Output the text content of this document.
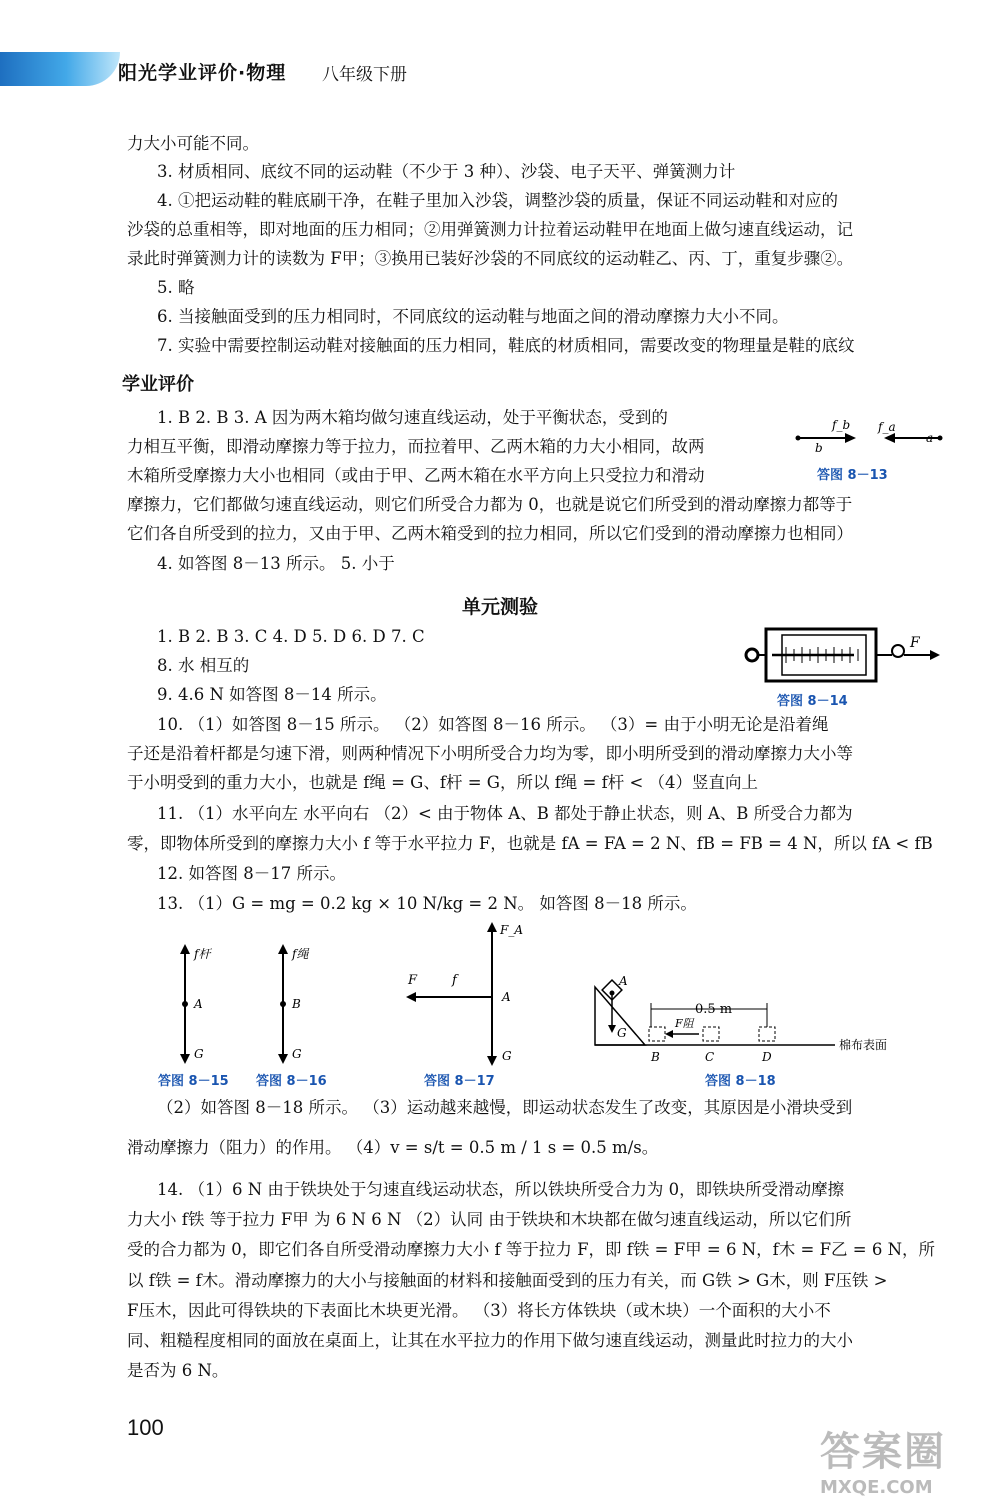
阳光学业评价·物理 八年级下册
力大小可能不同。
3. 材质相同、底纹不同的运动鞋（不少于 3 种）、沙袋、电子天平、弹簧测力计
4. ①把运动鞋的鞋底刷干净，在鞋子里加入沙袋，调整沙袋的质量，保证不同运动鞋和对应的
沙袋的总重相等，即对地面的压力相同；②用弹簧测力计拉着运动鞋甲在地面上做匀速直线运动，记
录此时弹簧测力计的读数为 F甲；③换用已装好沙袋的不同底纹的运动鞋乙、丙、丁，重复步骤②。
5. 略
6. 当接触面受到的压力相同时，不同底纹的运动鞋与地面之间的滑动摩擦力大小不同。
7. 实验中需要控制运动鞋对接触面的压力相同，鞋底的材质相同，需要改变的物理量是鞋的底纹
学业评价
1. B 2. B 3. A 因为两木箱均做匀速直线运动，处于平衡状态，受到的
力相互平衡，即滑动摩擦力等于拉力，而拉着甲、乙两木箱的力大小相同，故两
木箱所受摩擦力大小也相同（或由于甲、乙两木箱在水平方向上只受拉力和滑动
摩擦力，它们都做匀速直线运动，则它们所受合力都为 0，也就是说它们所受到的滑动摩擦力都等于
它们各自所受到的拉力，又由于甲、乙两木箱受到的拉力相同，所以它们受到的滑动摩擦力也相同）
4. 如答图 8－13 所示。 5. 小于
单元测验
1. B 2. B 3. C 4. D 5. D 6. D 7. C
8. 水 相互的
9. 4.6 N 如答图 8－14 所示。
10. （1）如答图 8－15 所示。 （2）如答图 8－16 所示。 （3）= 由于小明无论是沿着绳
子还是沿着杆都是匀速下滑，则两种情况下小明所受合力均为零，即小明所受到的滑动摩擦力大小等
于小明受到的重力大小，也就是 f绳 = G、f杆 = G，所以 f绳 = f杆 < （4）竖直向上
11. （1）水平向左 水平向右 （2）< 由于物体 A、B 都处于静止状态，则 A、B 所受合力都为
零，即物体所受到的摩擦力大小 f 等于水平拉力 F，也就是 fA = FA = 2 N、fB = FB = 4 N，所以 fA < fB
12. 如答图 8－17 所示。
13. （1）G = mg = 0.2 kg × 10 N/kg = 2 N。 如答图 8－18 所示。
（2）如答图 8－18 所示。 （3）运动越来越慢，即运动状态发生了改变，其原因是小滑块受到
滑动摩擦力（阻力）的作用。 （4）v = s/t = 0.5 m / 1 s = 0.5 m/s。
14. （1）6 N 由于铁块处于匀速直线运动状态，所以铁块所受合力为 0，即铁块所受滑动摩擦
力大小 f铁 等于拉力 F甲 为 6 N 6 N （2）认同 由于铁块和木块都在做匀速直线运动，所以它们所
受的合力都为 0，即它们各自所受滑动摩擦力大小 f 等于拉力 F，即 f铁 = F甲 = 6 N，f木 = F乙 = 6 N，所
以 f铁 = f木。滑动摩擦力的大小与接触面的材料和接触面受到的压力有关，而 G铁 > G木，则 F压铁 >
F压木，因此可得铁块的下表面比木块更光滑。 （3）将长方体铁块（或木块）一个面积的大小不
同、粗糙程度相同的面放在桌面上，让其在水平拉力的作用下做匀速直线运动，测量此时拉力的大小
是否为 6 N。
f_b
b
f_a
a
答图 8－13
F
答图 8－14
f杆
A
G
答图 8－15
f绳
B
G
答图 8－16
F_A
F	f
A
G
答图 8－17
A
G
0.5 m
F阻
B	C	D
棉布表面
答图 8－18
100
答案圈
MXQE.COM
